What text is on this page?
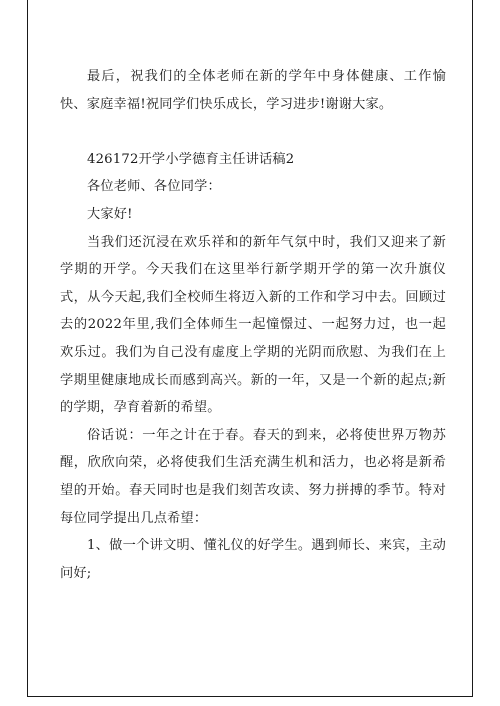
最后，祝我们的全体老师在新的学年中身体健康、工作愉快、家庭幸福!祝同学们快乐成长，学习进步!谢谢大家。

426172开学小学德育主任讲话稿2

各位老师、各位同学：

大家好!

当我们还沉浸在欢乐祥和的新年气氛中时，我们又迎来了新学期的开学。今天我们在这里举行新学期开学的第一次升旗仪式，从今天起,我们全校师生将迈入新的工作和学习中去。回顾过去的2022年里,我们全体师生一起憧憬过、一起努力过，也一起欢乐过。我们为自己没有虚度上学期的光阴而欣慰、为我们在上学期里健康地成长而感到高兴。新的一年，又是一个新的起点;新的学期，孕育着新的希望。

俗话说：一年之计在于春。春天的到来，必将使世界万物苏醒，欣欣向荣，必将使我们生活充满生机和活力，也必将是新希望的开始。春天同时也是我们刻苦攻读、努力拼搏的季节。特对每位同学提出几点希望：

1、做一个讲文明、懂礼仪的好学生。遇到师长、来宾，主动问好;
